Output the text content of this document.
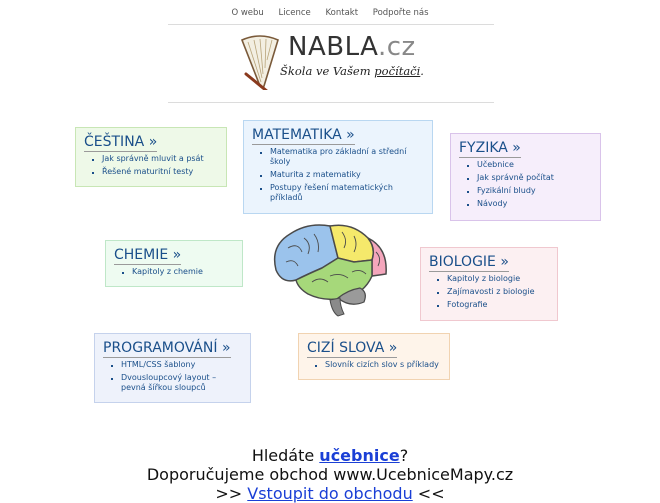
O webu Licence Kontakt Podpořte nás
NABLA.cz
Škola ve Vašem počítači.
ČEŠTINA »
▪ Jak správně mluvit a psát
▪ Řešené maturitní testy
MATEMATIKA »
▪ Matematika pro základní a střední školy
▪ Maturita z matematiky
▪ Postupy řešení matematických příkladů
FYZIKA »
▪ Učebnice
▪ Jak správně počítat
▪ Fyzikální bludy
▪ Návody
CHEMIE »
▪ Kapitoly z chemie
BIOLOGIE »
▪ Kapitoly z biologie
▪ Zajímavosti z biologie
▪ Fotografie
PROGRAMOVÁNÍ »
▪ HTML/CSS šablony
▪ Dvousloupcový layout – pevná šířkou sloupců
CIZÍ SLOVA »
▪ Slovník cizích slov s příklady
Hledáte učebnice?
Doporučujeme obchod www.UcebniceMapy.cz
>> Vstoupit do obchodu <<
